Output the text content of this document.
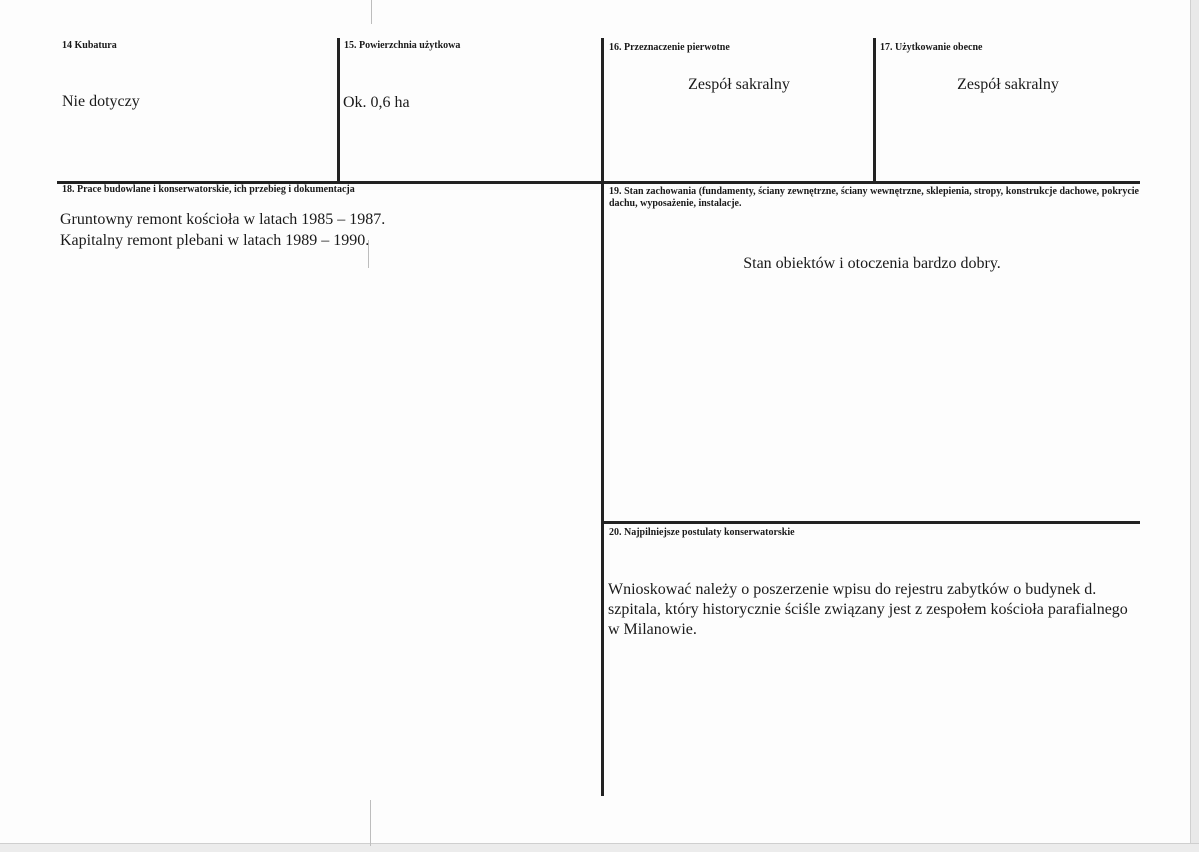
14 Kubatura
Nie dotyczy
15. Powierzchnia użytkowa
Ok. 0,6 ha
16. Przeznaczenie pierwotne
Zespół sakralny
17. Użytkowanie obecne
Zespół sakralny
18. Prace budowlane i konserwatorskie, ich przebieg i dokumentacja
Gruntowny remont kościoła w latach 1985 – 1987.
Kapitalny remont plebani w latach 1989 – 1990.
19. Stan zachowania (fundamenty, ściany zewnętrzne, ściany wewnętrzne, sklepienia, stropy, konstrukcje dachowe, pokrycie dachu, wyposażenie, instalacje.
Stan obiektów i otoczenia bardzo dobry.
20. Najpilniejsze postulaty konserwatorskie
Wnioskować należy o poszerzenie wpisu do rejestru zabytków o budynek d. szpitala, który historycznie ściśle związany jest z zespołem kościoła parafialnego w Milanowie.
